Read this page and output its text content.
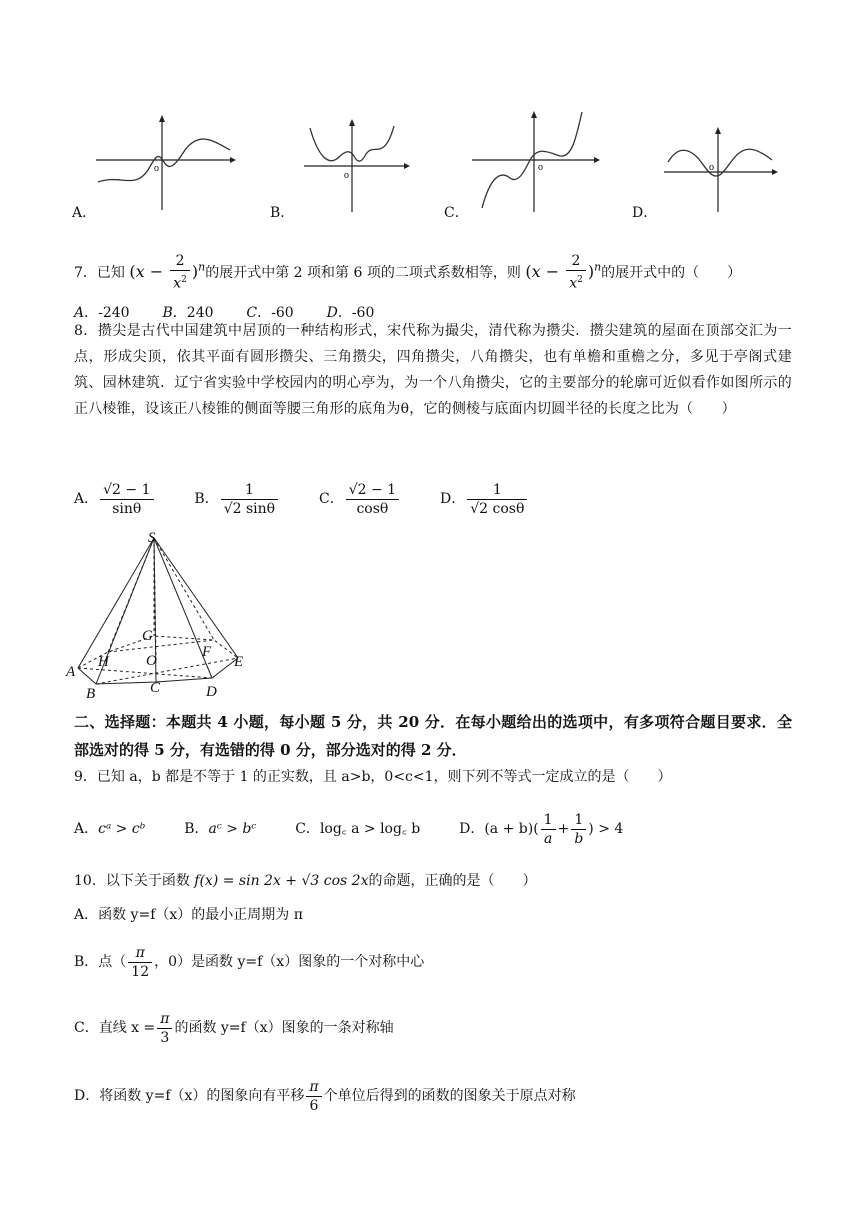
o
A．
o
B．
o
C．
o
D．
7．已知 $(x - \frac{2}{x^2} )^n$的展开式中第 2 项和第 6 项的二项式系数相等，则 $(x - \frac{2}{x^2} )^n$的展开式中的（　　）
A．-240 B．240 C．-60 D．-60
8．攒尖是古代中国建筑中居顶的一种结构形式，宋代称为撮尖，清代称为攒尖．攒尖建筑的屋面在顶部交汇为一点，形成尖顶，依其平面有圆形攒尖、三角攒尖，四角攒尖，八角攒尖，也有单檐和重檐之分，多见于亭阁式建筑、园林建筑．辽宁省实验中学校园内的明心亭为，为一个八角攒尖，它的主要部分的轮廓可近似看作如图所示的正八棱锥，设该正八棱锥的侧面等腰三角形的底角为θ，它的侧棱与底面内切圆半径的长度之比为（　　）
A． $\frac{√2 - 1}{\sin\theta}$	B． $\frac{1}{√2 \sin\theta}$	C． $\frac{√2 - 1}{\cos\theta}$	D． $\frac{1}{√2 \cos\theta}$
S
G
O
H
F
E
A
B	C	D
二、选择题：本题共 4 小题，每小题 5 分，共 20 分．在每小题给出的选项中，有多项符合题目要求．全部选对的得 5 分，有选错的得 0 分，部分选对的得 2 分．
9．已知 a，b 都是不等于 1 的正实数，且 a>b，0<c<1，则下列不等式一定成立的是（　　）
A．cᵃ > cᵇ	B．aᶜ > bᶜ	C．log꜀ a > log꜀ b	D．$(a + b)( \frac{1}{a} + \frac{1}{b}$ ) > 4
10．以下关于函数 f(x) = sin 2x + √3 cos 2x的命题，正确的是（　　）
A．函数 y=f（x）的最小正周期为 π
B．点（ $\frac{\pi}{12}$ ，0）是函数 y=f（x）图象的一个对称中心
C．直线 $x = \frac{\pi}{3}$ 的函数 y=f（x）图象的一条对称轴
D．将函数 y=f（x）的图象向有平移 $\frac{\pi}{6}$ 个单位后得到的函数的图象关于原点对称
